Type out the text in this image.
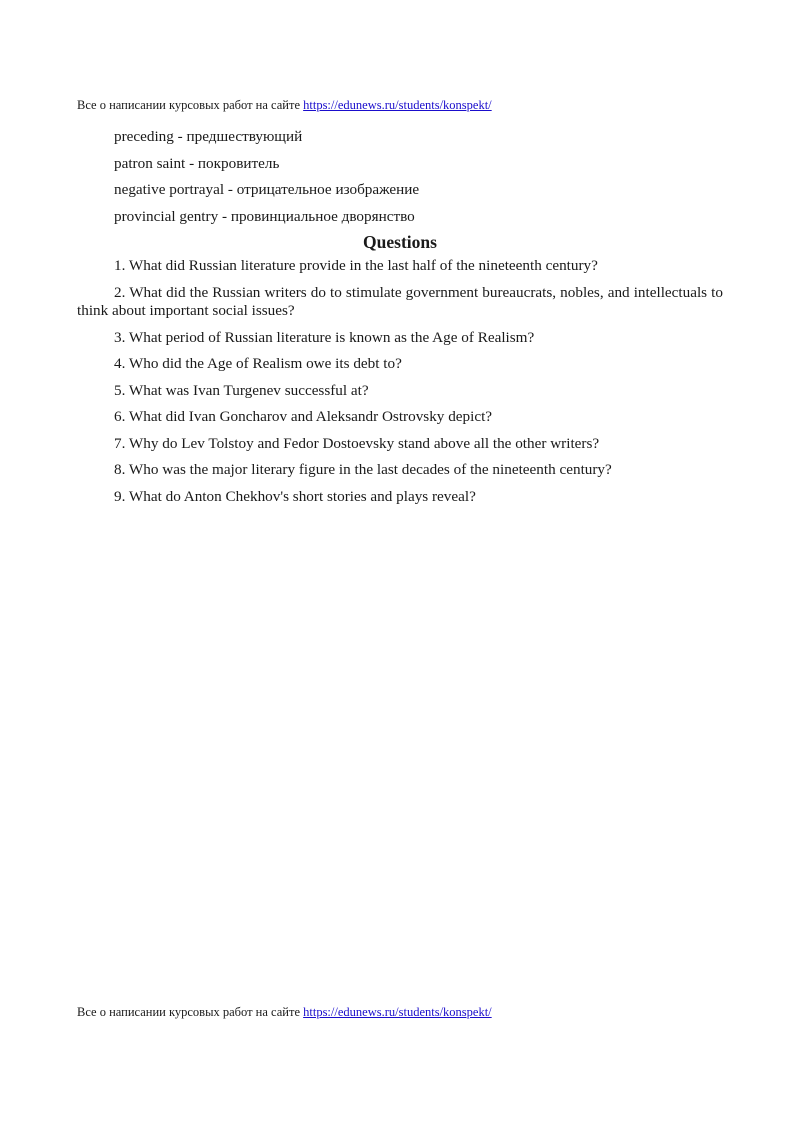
Все о написании курсовых работ на сайте https://edunews.ru/students/konspekt/
preceding - предшествующий
patron saint - покровитель
negative portrayal - отрицательное изображение
provincial gentry - провинциальное дворянство
Questions
1. What did Russian literature provide in the last half of the nineteenth century?
2. What did the Russian writers do to stimulate government bureaucrats, nobles, and intellectuals to think about important social issues?
3. What period of Russian literature is known as the Age of Realism?
4. Who did the Age of Realism owe its debt to?
5. What was Ivan Turgenev successful at?
6. What did Ivan Goncharov and Aleksandr Ostrovsky depict?
7. Why do Lev Tolstoy and Fedor Dostoevsky stand above all the other writers?
8. Who was the major literary figure in the last decades of the nineteenth century?
9. What do Anton Chekhov's short stories and plays reveal?
Все о написании курсовых работ на сайте https://edunews.ru/students/konspekt/
